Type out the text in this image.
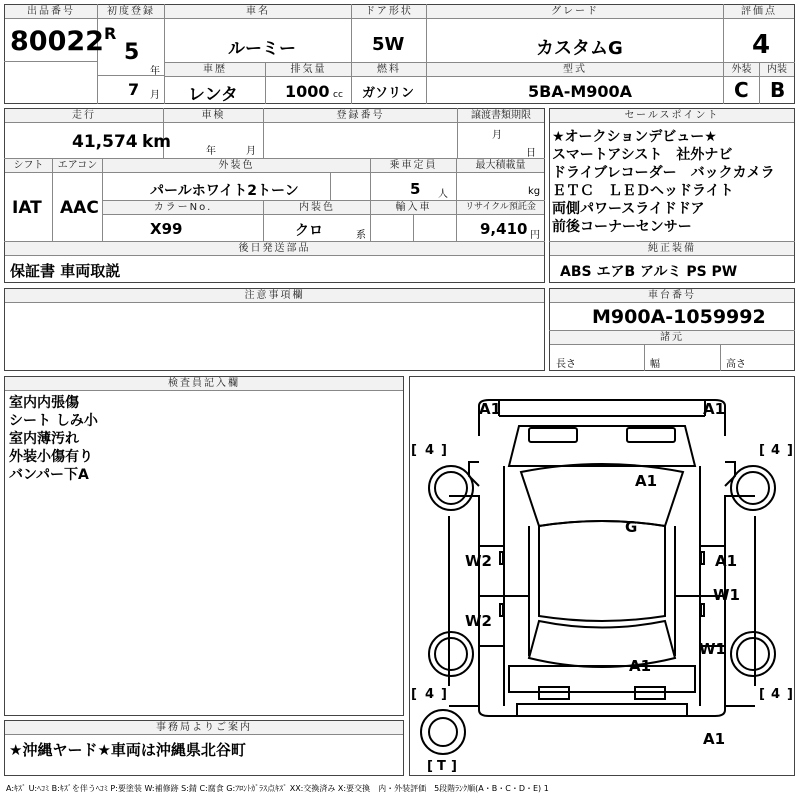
出品番号
80022
初度登録
R
5
年
7 月
車名
ルーミー
ドア形状
5W
グレード
カスタムG
評価点
4
外装	内装
C B
車歴
レンタ
排気量
1000 cc
燃料
ガソリン
型式
5BA-M900A
走行
41,574 km
車検
年	月
登録番号	譲渡書類期限
月
日
シフト
IAT
エアコン
AAC
外装色
パールホワイト2トーン
乗車定員
5 人
最大積載量
kg
カラーNo.
X99
内装色
クロ	系
輸入車	リサイクル預託金
9,410 円
後日発送部品
保証書 車両取説
セールスポイント
★オークションデビュー★
スマートアシスト　社外ナビ
ドライブレコーダー　バックカメラ
ＥＴＣ　ＬＥＤヘッドライト
両側パワースライドドア
前後コーナーセンサー
純正装備
ABS エアB アルミ PS PW
注意事項欄	車台番号
M900A-1059992
諸元
長さ	幅	高さ
検査員記入欄
室内内張傷
シート しみ小
室内薄汚れ
外装小傷有り
バンパー下A
事務局よりご案内
★沖縄ヤード★車両は沖縄県北谷町
[ 4 ]	[ 4 ]
[ 4 ]	[ 4 ]
[ T ]
A1	A1
A1
G
W2	A1
W1
W2
W1
A1
A1
A:ｷｽﾞ U:ﾍｺﾐ B:ｷｽﾞを伴うﾍｺﾐ P:要塗装 W:補修跡 S:錆 C:腐食 G:ﾌﾛﾝﾄｶﾞﾗｽ点ｷｽﾞ XX:交換済み X:要交換　内・外装評価　5段階ﾗﾝｸ順(A・B・C・D・E) 1
